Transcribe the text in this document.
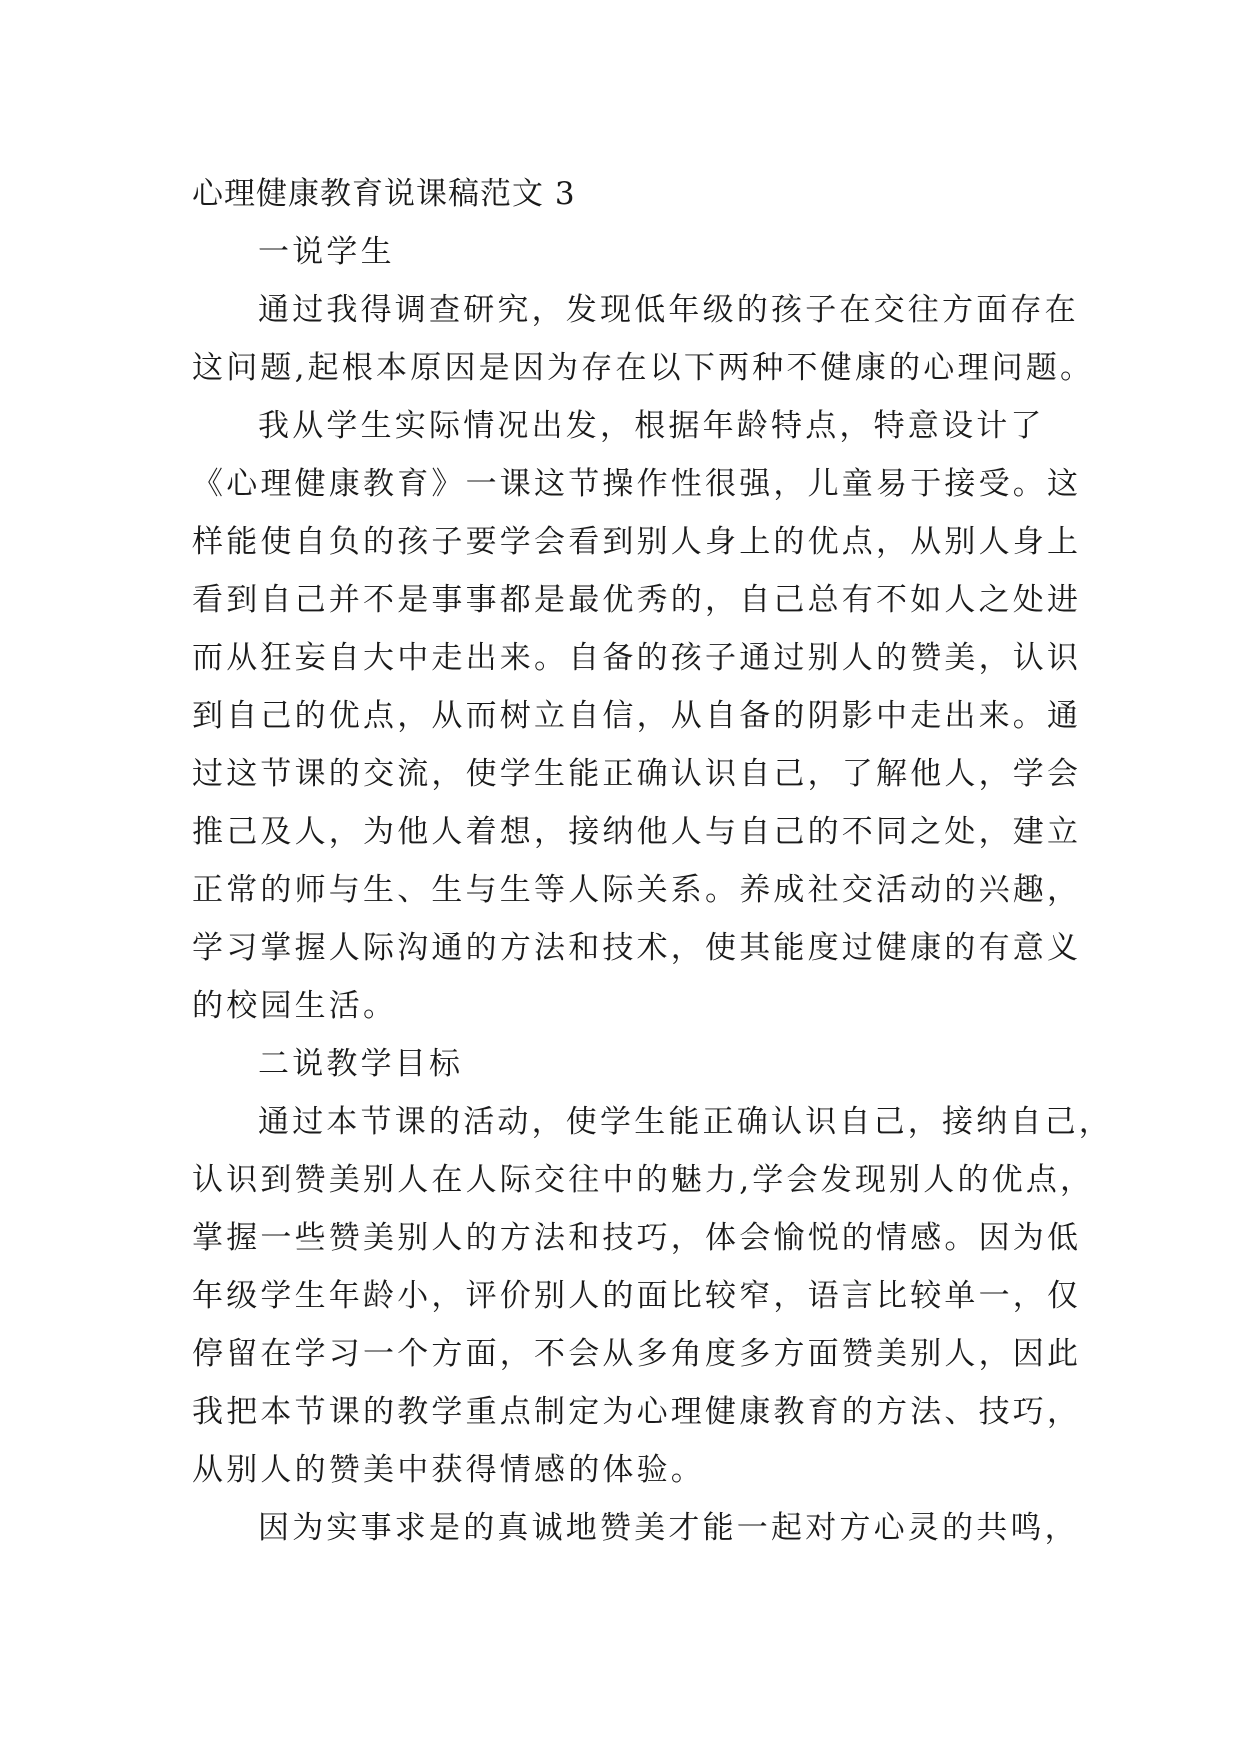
心理健康教育说课稿范文 3
一说学生
通过我得调查研究，发现低年级的孩子在交往方面存在
这问题,起根本原因是因为存在以下两种不健康的心理问题。
我从学生实际情况出发，根据年龄特点，特意设计了
《心理健康教育》一课这节操作性很强，儿童易于接受。这
样能使自负的孩子要学会看到别人身上的优点，从别人身上
看到自己并不是事事都是最优秀的，自己总有不如人之处进
而从狂妄自大中走出来。自备的孩子通过别人的赞美，认识
到自己的优点，从而树立自信，从自备的阴影中走出来。通
过这节课的交流，使学生能正确认识自己，了解他人，学会
推己及人，为他人着想，接纳他人与自己的不同之处，建立
正常的师与生、生与生等人际关系。养成社交活动的兴趣，
学习掌握人际沟通的方法和技术，使其能度过健康的有意义
的校园生活。
二说教学目标
通过本节课的活动，使学生能正确认识自己，接纳自己，
认识到赞美别人在人际交往中的魅力,学会发现别人的优点，
掌握一些赞美别人的方法和技巧，体会愉悦的情感。因为低
年级学生年龄小，评价别人的面比较窄，语言比较单一，仅
停留在学习一个方面，不会从多角度多方面赞美别人，因此
我把本节课的教学重点制定为心理健康教育的方法、技巧，
从别人的赞美中获得情感的体验。
因为实事求是的真诚地赞美才能一起对方心灵的共鸣，
